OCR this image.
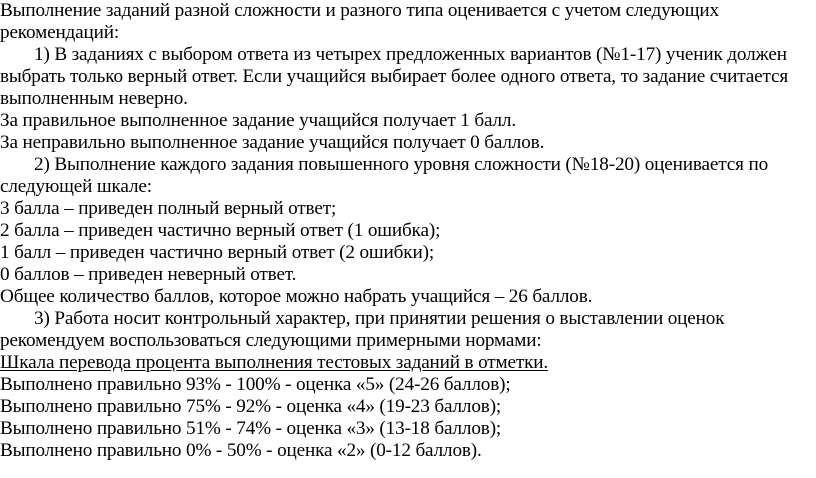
Выполнение заданий разной сложности и разного типа оценивается с учетом следующих
рекомендаций:
1) В заданиях с выбором ответа из четырех предложенных вариантов (№1-17) ученик должен
выбрать только верный ответ. Если учащийся выбирает более одного ответа, то задание считается
выполненным неверно.
За правильное выполненное задание учащийся получает 1 балл.
За неправильно выполненное задание учащийся получает 0 баллов.
2) Выполнение каждого задания повышенного уровня сложности (№18-20) оценивается по
следующей шкале:
3 балла – приведен полный верный ответ;
2 балла – приведен частично верный ответ (1 ошибка);
1 балл – приведен частично верный ответ (2 ошибки);
0 баллов – приведен неверный ответ.
Общее количество баллов, которое можно набрать учащийся – 26 баллов.
3) Работа носит контрольный характер, при принятии решения о выставлении оценок
рекомендуем воспользоваться следующими примерными нормами:
Шкала перевода процента выполнения тестовых заданий в отметки.
Выполнено правильно 93% - 100% - оценка «5» (24-26 баллов);
Выполнено правильно 75% - 92% - оценка «4» (19-23 баллов);
Выполнено правильно 51% - 74% - оценка «3» (13-18 баллов);
Выполнено правильно 0% - 50% - оценка «2» (0-12 баллов).
